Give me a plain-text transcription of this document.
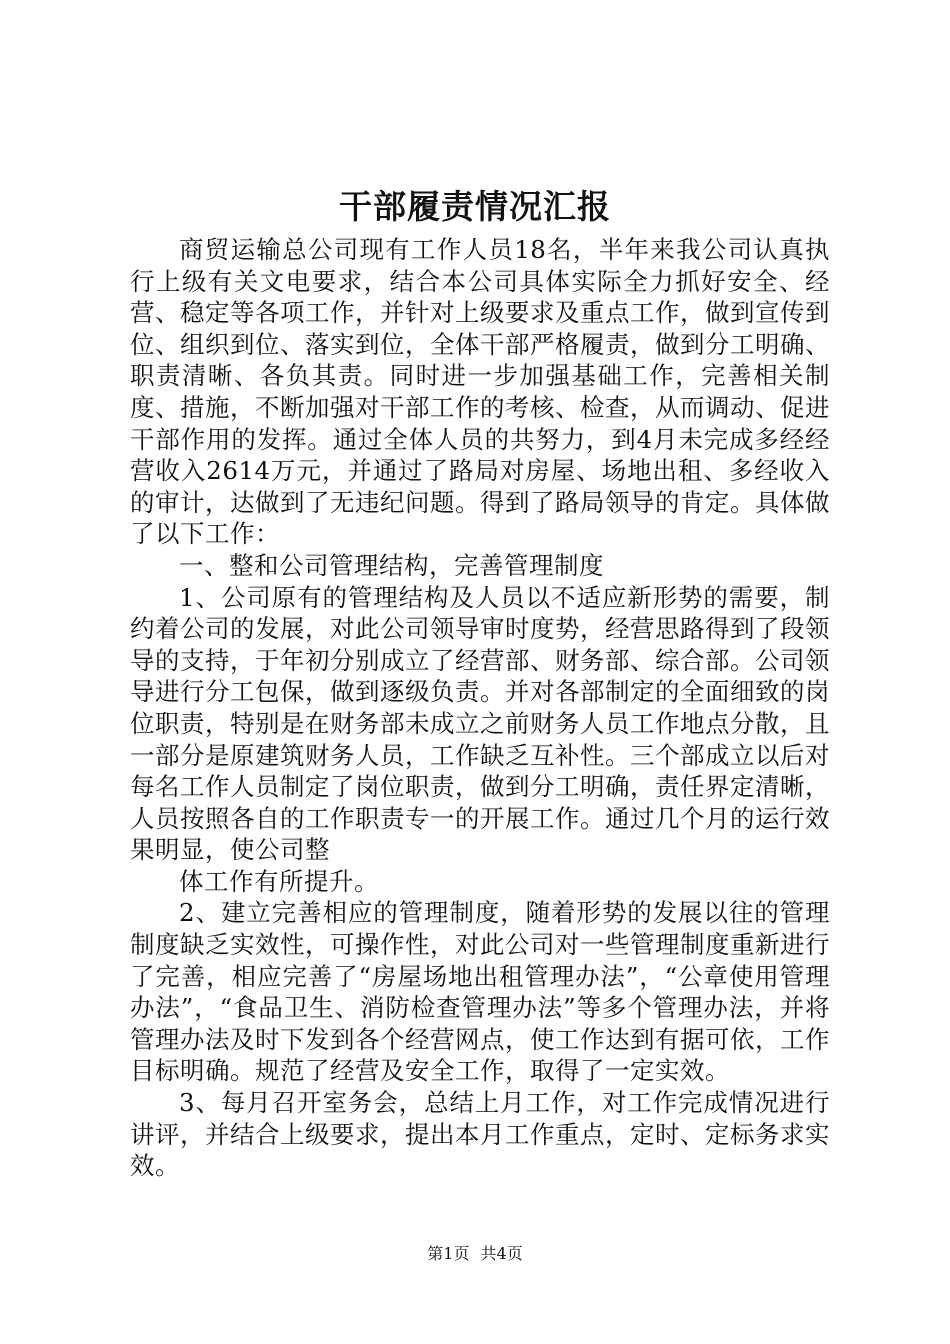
干部履责情况汇报

商贸运输总公司现有工作人员18名，半年来我公司认真执行上级有关文电要求，结合本公司具体实际全力抓好安全、经营、稳定等各项工作，并针对上级要求及重点工作，做到宣传到位、组织到位、落实到位，全体干部严格履责，做到分工明确、职责清晰、各负其责。同时进一步加强基础工作，完善相关制度、措施，不断加强对干部工作的考核、检查，从而调动、促进干部作用的发挥。通过全体人员的共努力，到4月未完成多经经营收入2614万元，并通过了路局对房屋、场地出租、多经收入的审计，达做到了无违纪问题。得到了路局领导的肯定。具体做了以下工作：

一、整和公司管理结构，完善管理制度

1、公司原有的管理结构及人员以不适应新形势的需要，制约着公司的发展，对此公司领导审时度势，经营思路得到了段领导的支持，于年初分别成立了经营部、财务部、综合部。公司领导进行分工包保，做到逐级负责。并对各部制定的全面细致的岗位职责，特别是在财务部未成立之前财务人员工作地点分散，且一部分是原建筑财务人员，工作缺乏互补性。三个部成立以后对每名工作人员制定了岗位职责，做到分工明确，责任界定清晰，人员按照各自的工作职责专一的开展工作。通过几个月的运行效果明显，使公司整

体工作有所提升。

2、建立完善相应的管理制度，随着形势的发展以往的管理制度缺乏实效性，可操作性，对此公司对一些管理制度重新进行了完善，相应完善了“房屋场地出租管理办法”，“公章使用管理办法”，“食品卫生、消防检查管理办法”等多个管理办法，并将管理办法及时下发到各个经营网点，使工作达到有据可依，工作目标明确。规范了经营及安全工作，取得了一定实效。

3、每月召开室务会，总结上月工作，对工作完成情况进行讲评，并结合上级要求，提出本月工作重点，定时、定标务求实效。

第1页 共4页
